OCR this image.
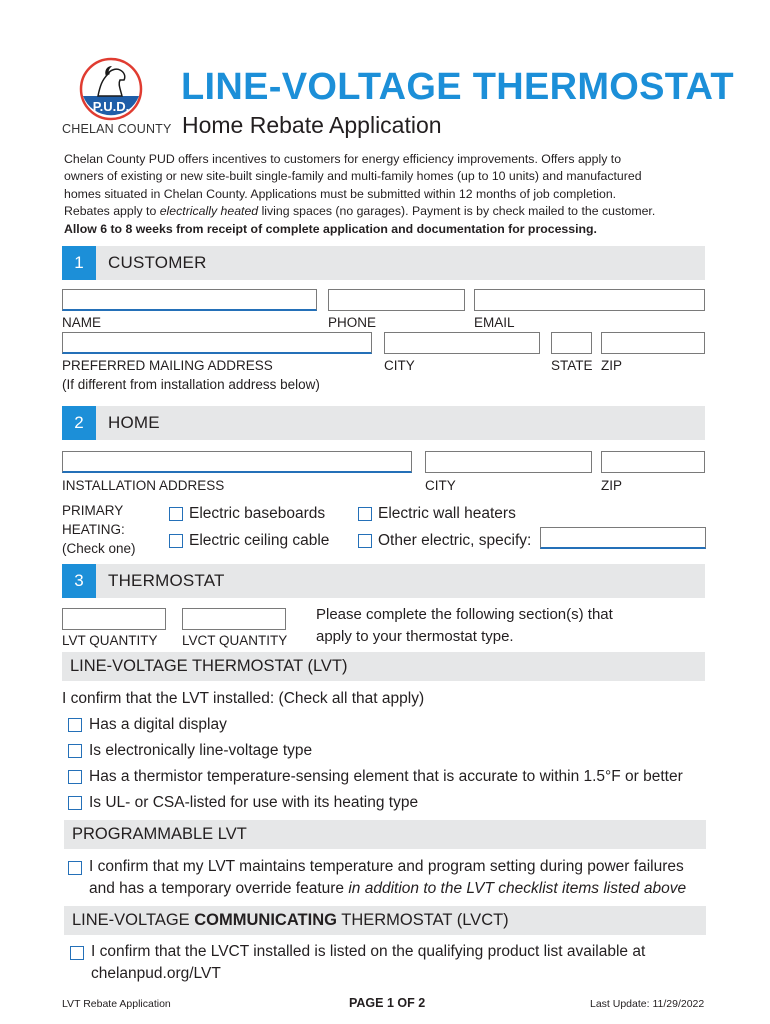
P.U.D.
CHELAN COUNTY
LINE-VOLTAGE THERMOSTAT
Home Rebate Application

Chelan County PUD offers incentives to customers for energy efficiency improvements. Offers apply to

owners of existing or new site-built single-family and multi-family homes (up to 10 units) and manufactured

homes situated in Chelan County. Applications must be submitted within 12 months of job completion.

Rebates apply to electrically heated living spaces (no garages). Payment is by check mailed to the customer.

Allow 6 to 8 weeks from receipt of complete application and documentation for processing.

1	CUSTOMER
NAME	PHONE	EMAIL
PREFERRED MAILING ADDRESS
(If different from installation address below)
CITY	STATE ZIP
2	HOME
INSTALLATION ADDRESS	CITY	ZIP
PRIMARY
HEATING:
(Check one)
Electric baseboards
Electric ceiling cable
Electric wall heaters
Other electric, specify:
3	THERMOSTAT
LVT QUANTITY LVCT QUANTITY
Please complete the following section(s) that
apply to your thermostat type.
LINE-VOLTAGE THERMOSTAT (LVT)
I confirm that the LVT installed: (Check all that apply)
Has a digital display
Is electronically line-voltage type
Has a thermistor temperature-sensing element that is accurate to within 1.5°F or better
Is UL- or CSA-listed for use with its heating type
PROGRAMMABLE LVT
I confirm that my LVT maintains temperature and program setting during power failures
and has a temporary override feature in addition to the LVT checklist items listed above
LINE-VOLTAGE COMMUNICATING THERMOSTAT (LVCT)
I confirm that the LVCT installed is listed on the qualifying product list available at
chelanpud.org/LVT
LVT Rebate Application	PAGE 1 OF 2	Last Update: 11/29/2022
